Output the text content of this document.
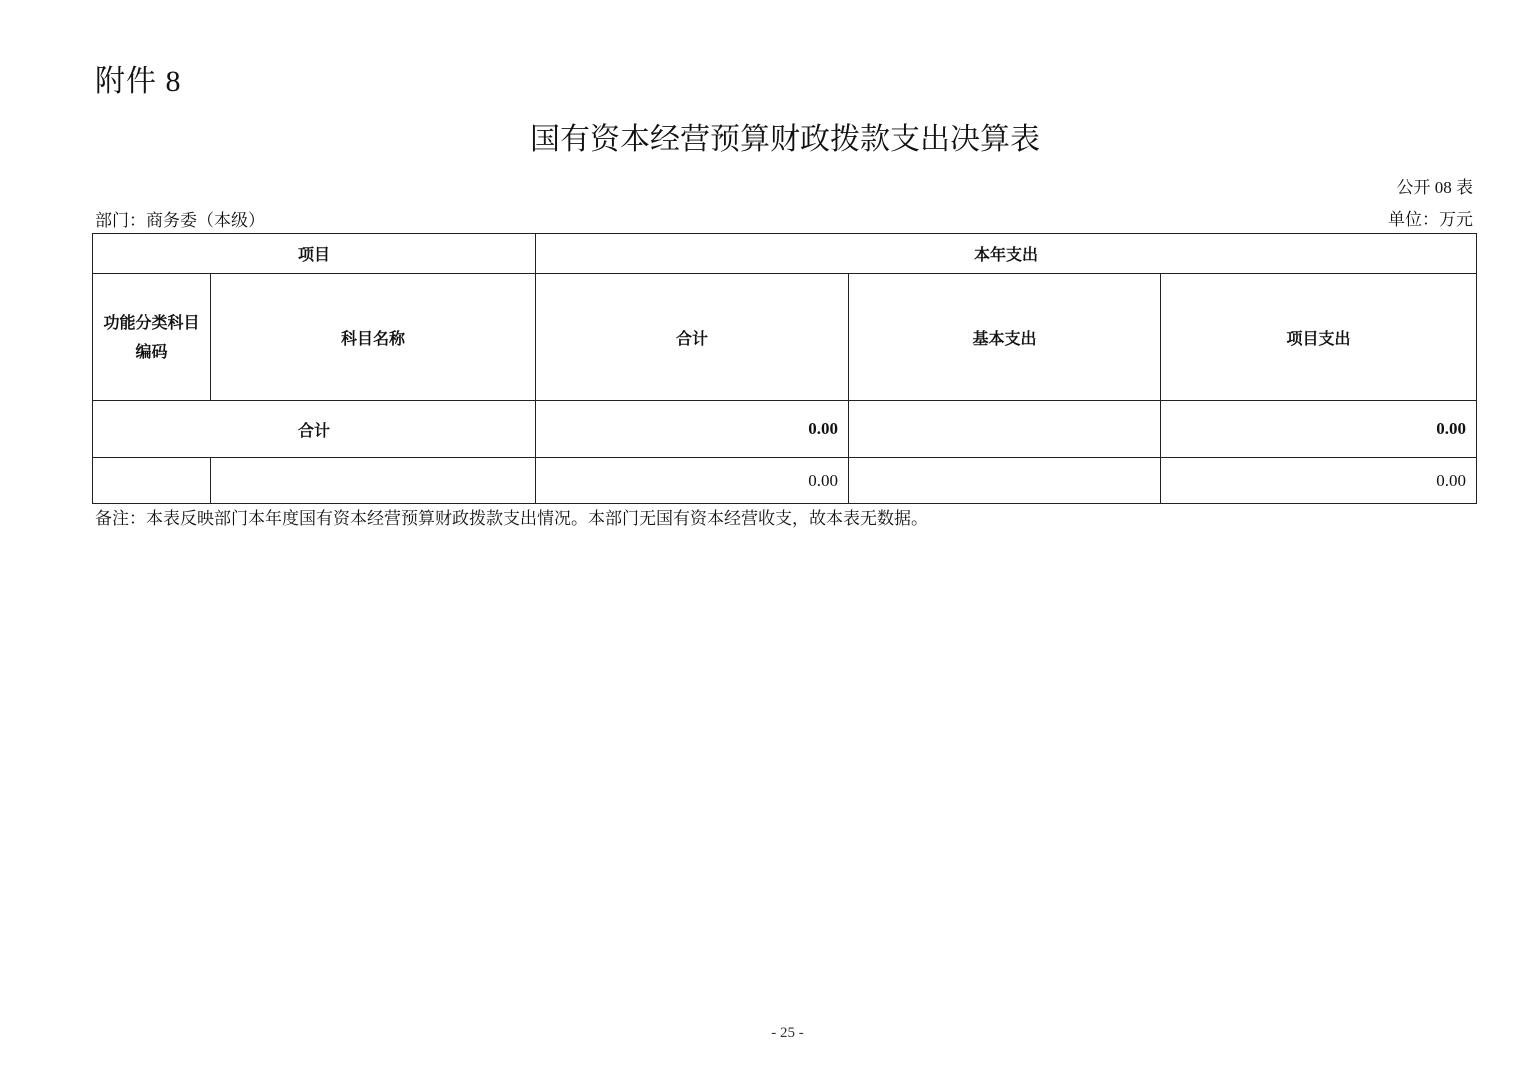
附件 8
国有资本经营预算财政拨款支出决算表
公开 08 表
部门：商务委（本级）	单位：万元
项目		本年支出		

功能分类科目
编码	科目名称	合计	基本支出	项目支出
合计		0.00		0.00
		0.00		0.00
备注：本表反映部门本年度国有资本经营预算财政拨款支出情况。本部门无国有资本经营收支，故本表无数据。
- 25 -
